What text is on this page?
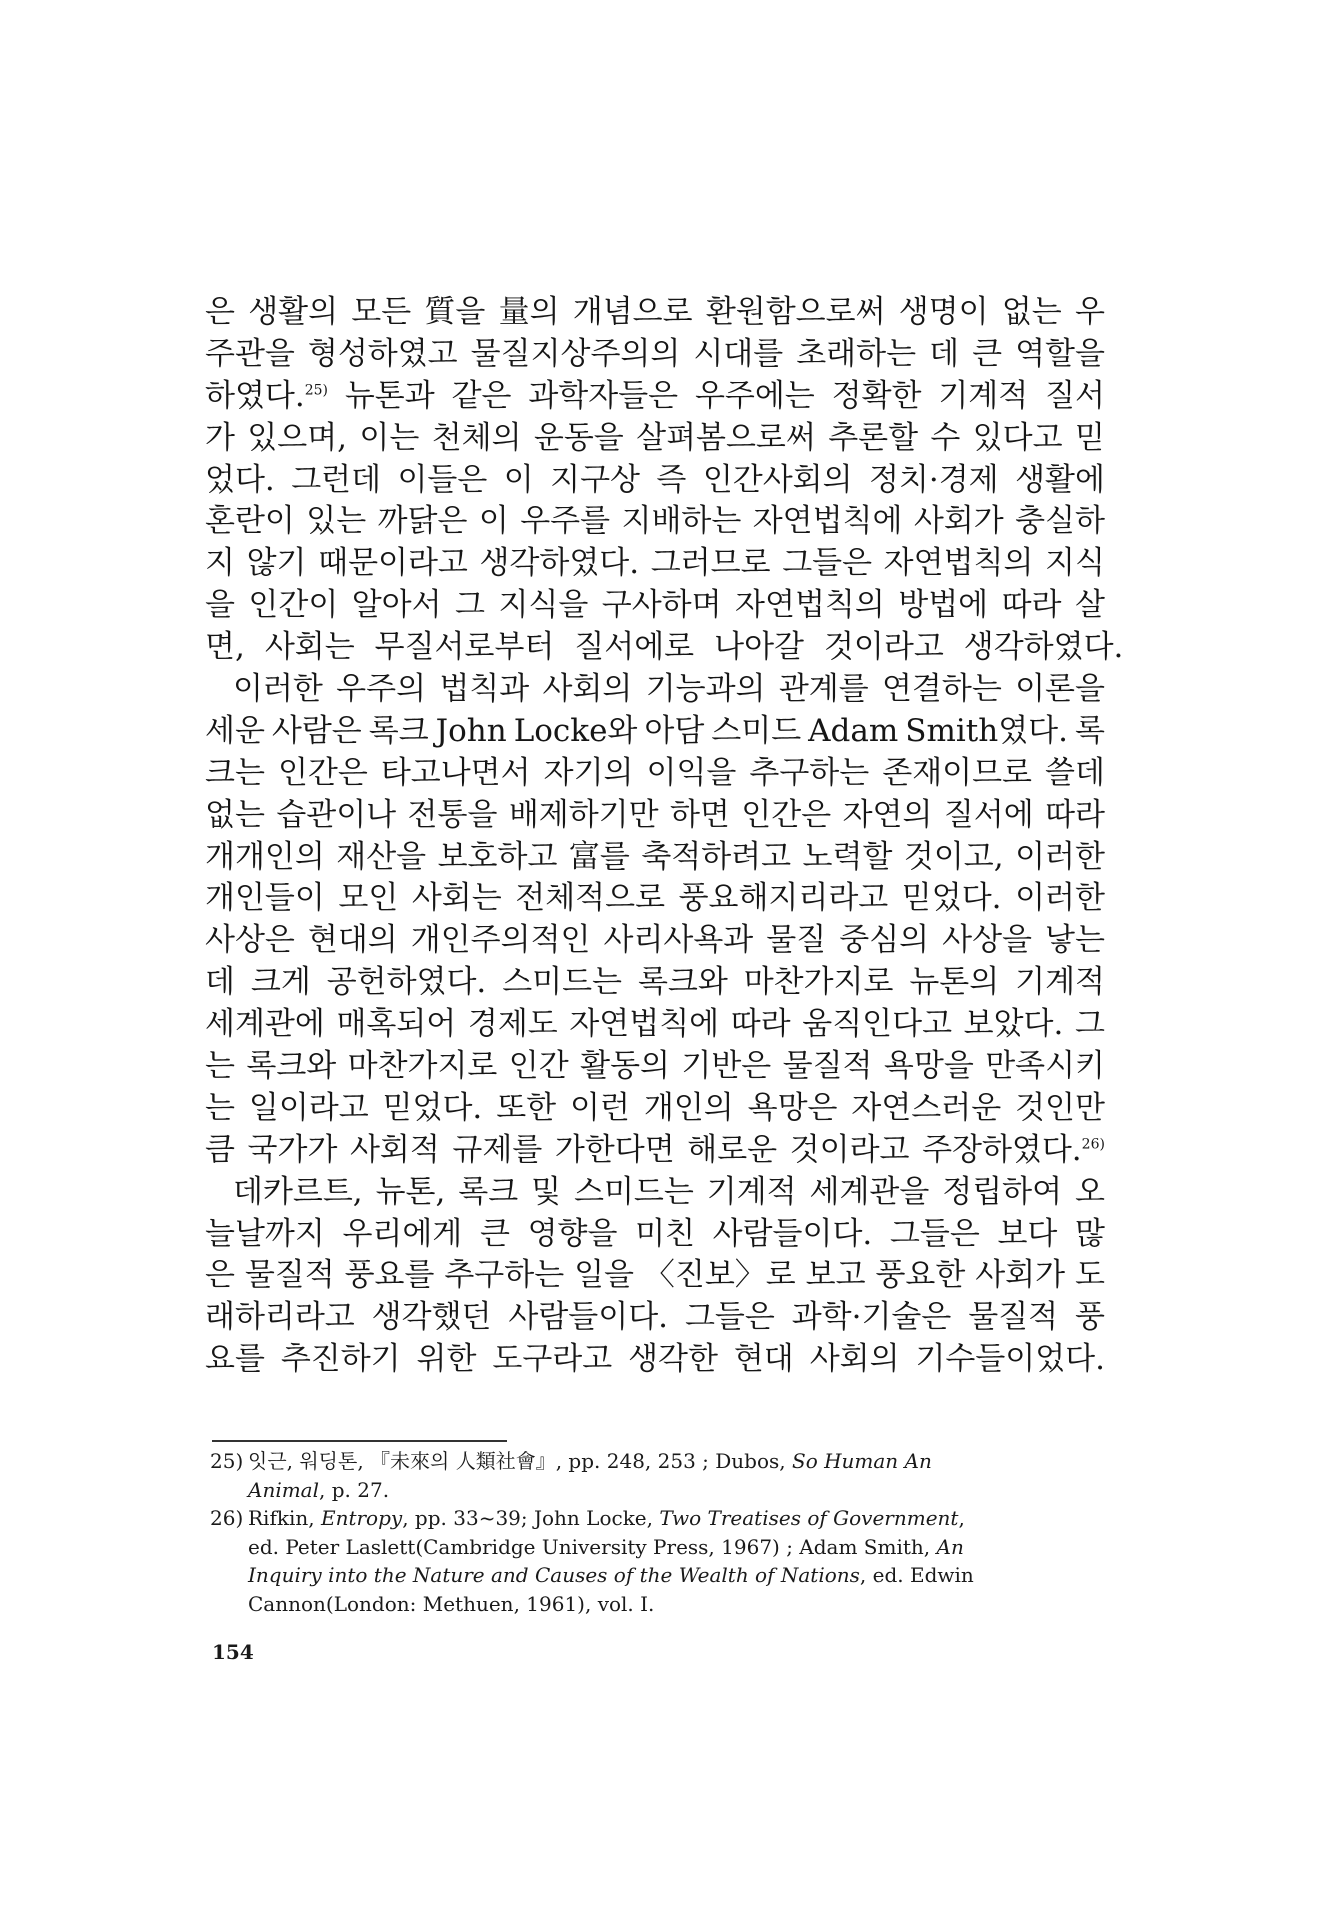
은 생활의 모든 質을 量의 개념으로 환원함으로써 생명이 없는 우
주관을 형성하였고 물질지상주의의 시대를 초래하는 데 큰 역할을
하였다.$^{25)}$ 뉴톤과 같은 과학자들은 우주에는 정확한 기계적 질서
가 있으며, 이는 천체의 운동을 살펴봄으로써 추론할 수 있다고 믿
었다. 그런데 이들은 이 지구상 즉 인간사회의 정치·경제 생활에
혼란이 있는 까닭은 이 우주를 지배하는 자연법칙에 사회가 충실하
지 않기 때문이라고 생각하였다. 그러므로 그들은 자연법칙의 지식
을 인간이 알아서 그 지식을 구사하며 자연법칙의 방법에 따라 살
면, 사회는 무질서로부터 질서에로 나아갈 것이라고 생각하였다.
이러한 우주의 법칙과 사회의 기능과의 관계를 연결하는 이론을
세운 사람은 록크 John Locke와 아담 스미드 Adam Smith였다. 록
크는 인간은 타고나면서 자기의 이익을 추구하는 존재이므로 쓸데
없는 습관이나 전통을 배제하기만 하면 인간은 자연의 질서에 따라
개개인의 재산을 보호하고 富를 축적하려고 노력할 것이고, 이러한
개인들이 모인 사회는 전체적으로 풍요해지리라고 믿었다. 이러한
사상은 현대의 개인주의적인 사리사욕과 물질 중심의 사상을 낳는
데 크게 공헌하였다. 스미드는 록크와 마찬가지로 뉴톤의 기계적
세계관에 매혹되어 경제도 자연법칙에 따라 움직인다고 보았다. 그
는 록크와 마찬가지로 인간 활동의 기반은 물질적 욕망을 만족시키
는 일이라고 믿었다. 또한 이런 개인의 욕망은 자연스러운 것인만
큼 국가가 사회적 규제를 가한다면 해로운 것이라고 주장하였다.$^{26)}$
데카르트, 뉴톤, 록크 및 스미드는 기계적 세계관을 정립하여 오
늘날까지 우리에게 큰 영향을 미친 사람들이다. 그들은 보다 많
은 물질적 풍요를 추구하는 일을 〈진보〉로 보고 풍요한 사회가 도
래하리라고 생각했던 사람들이다. 그들은 과학·기술은 물질적 풍
요를 추진하기 위한 도구라고 생각한 현대 사회의 기수들이었다.
25) 잇근, 워딩톤, 『未來의 人類社會』, pp. 248, 253 ; Dubos, So Human An
Animal, p. 27.
26) Rifkin, Entropy, pp. 33~39; John Locke, Two Treatises of Government,
ed. Peter Laslett(Cambridge University Press, 1967) ; Adam Smith, An
Inquiry into the Nature and Causes of the Wealth of Nations, ed. Edwin
Cannon(London: Methuen, 1961), vol. I.
154
